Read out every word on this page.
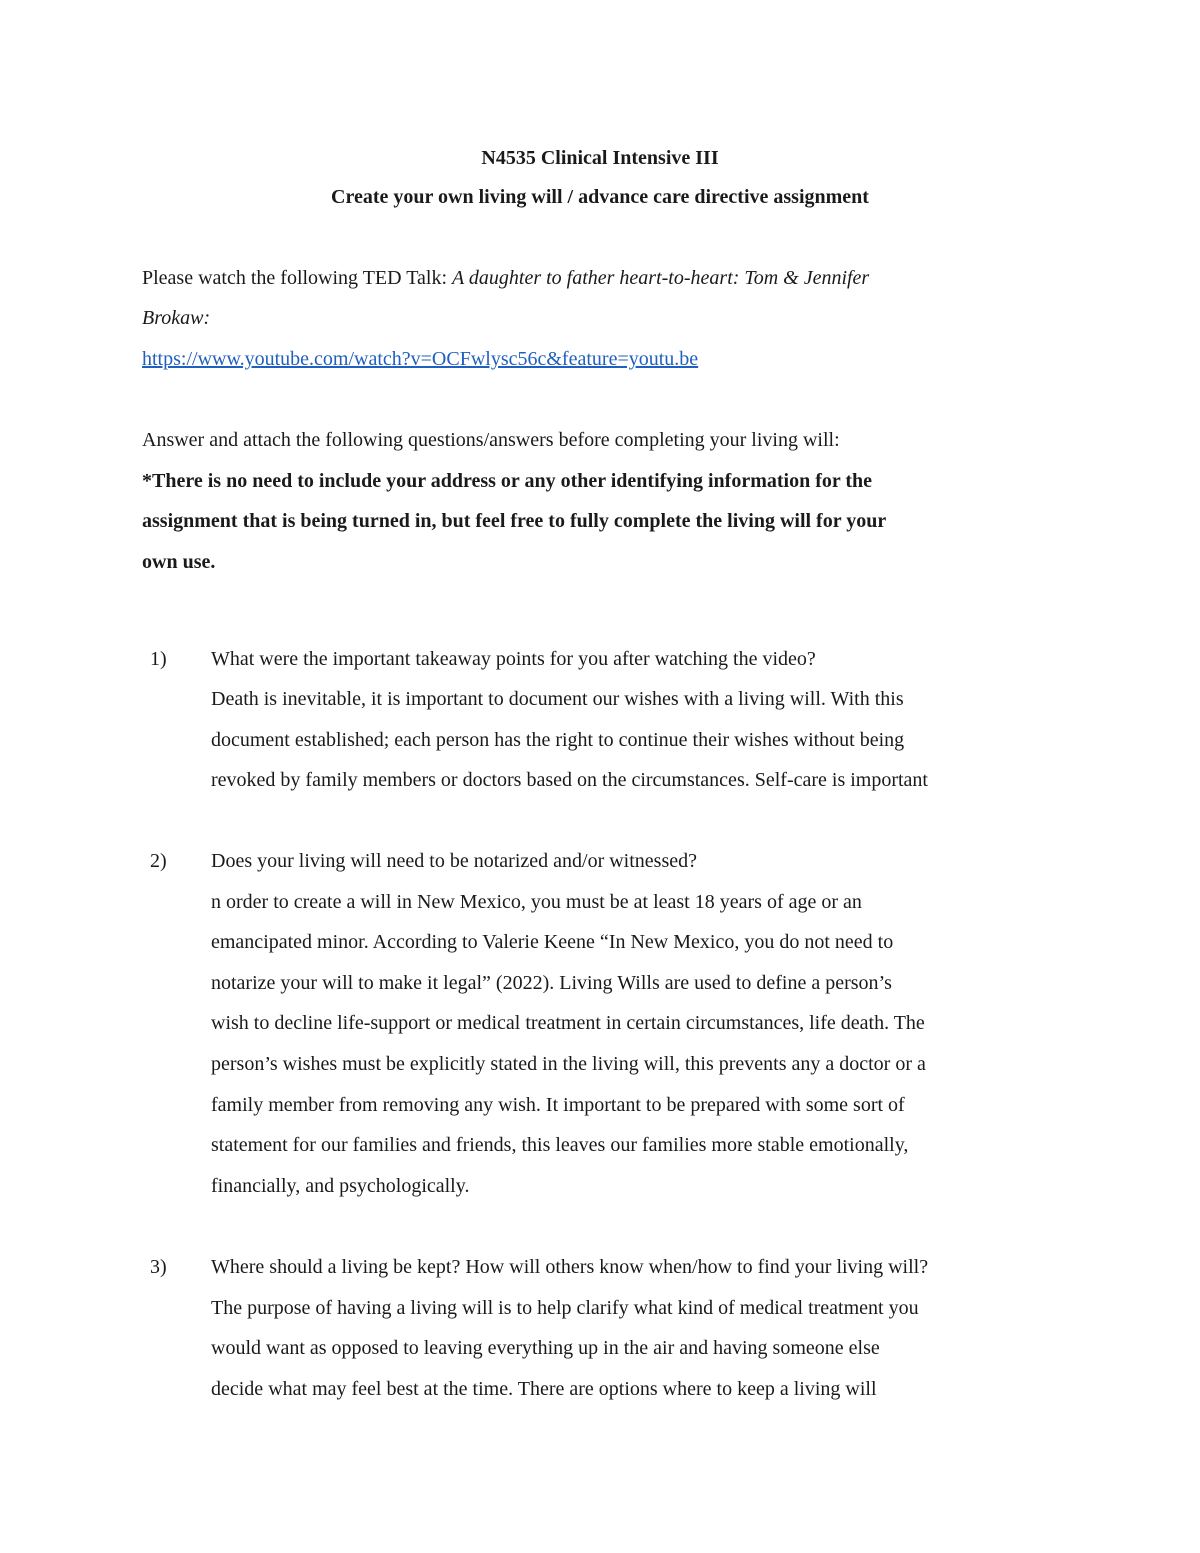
N4535 Clinical Intensive III

Create your own living will / advance care directive assignment

Please watch the following TED Talk: A daughter to father heart-to-heart: Tom & Jennifer

Brokaw:

https://www.youtube.com/watch?v=OCFwlysc56c&feature=youtu.be

Answer and attach the following questions/answers before completing your living will:

*There is no need to include your address or any other identifying information for the

assignment that is being turned in, but feel free to fully complete the living will for your

own use.

1) What were the important takeaway points for you after watching the video?

Death is inevitable, it is important to document our wishes with a living will. With this

document established; each person has the right to continue their wishes without being

revoked by family members or doctors based on the circumstances. Self-care is important

2) Does your living will need to be notarized and/or witnessed?

n order to create a will in New Mexico, you must be at least 18 years of age or an

emancipated minor. According to Valerie Keene “In New Mexico, you do not need to

notarize your will to make it legal” (2022). Living Wills are used to define a person’s

wish to decline life-support or medical treatment in certain circumstances, life death. The

person’s wishes must be explicitly stated in the living will, this prevents any a doctor or a

family member from removing any wish. It important to be prepared with some sort of

statement for our families and friends, this leaves our families more stable emotionally,

financially, and psychologically.

3) Where should a living be kept? How will others know when/how to find your living will?

The purpose of having a living will is to help clarify what kind of medical treatment you

would want as opposed to leaving everything up in the air and having someone else

decide what may feel best at the time. There are options where to keep a living will
